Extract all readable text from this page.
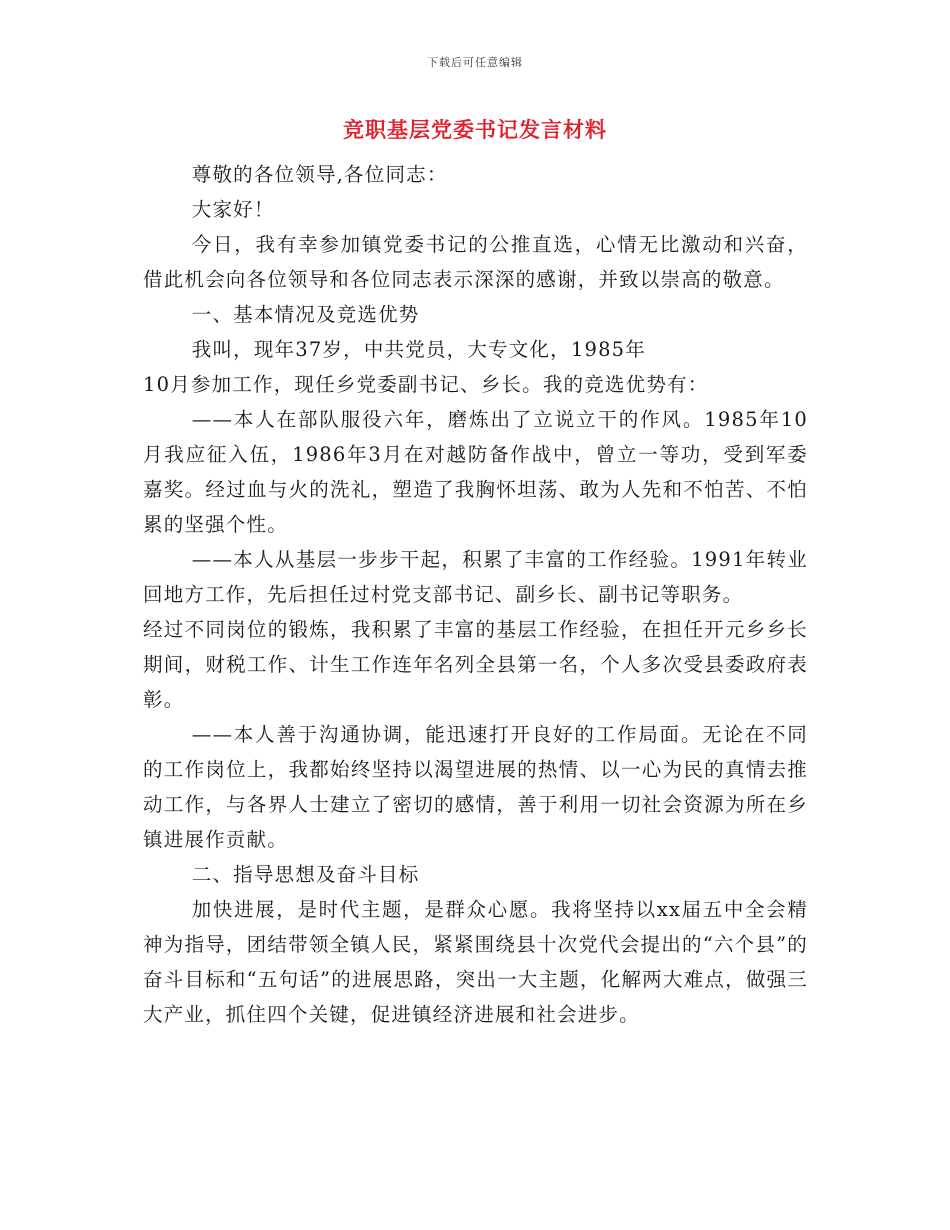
下载后可任意编辑
竞职基层党委书记发言材料

尊敬的各位领导,各位同志：

大家好！

今日，我有幸参加镇党委书记的公推直选，心情无比激动和兴奋，借此机会向各位领导和各位同志表示深深的感谢，并致以崇高的敬意。

一、基本情况及竞选优势

我叫，现年37岁，中共党员，大专文化，1985年

10月参加工作，现任乡党委副书记、乡长。我的竞选优势有：

——本人在部队服役六年，磨炼出了立说立干的作风。1985年10月我应征入伍，1986年3月在对越防备作战中，曾立一等功，受到军委嘉奖。经过血与火的洗礼，塑造了我胸怀坦荡、敢为人先和不怕苦、不怕累的坚强个性。

——本人从基层一步步干起，积累了丰富的工作经验。1991年转业回地方工作，先后担任过村党支部书记、副乡长、副书记等职务。

经过不同岗位的锻炼，我积累了丰富的基层工作经验，在担任开元乡乡长期间，财税工作、计生工作连年名列全县第一名，个人多次受县委政府表彰。

——本人善于沟通协调，能迅速打开良好的工作局面。无论在不同的工作岗位上，我都始终坚持以渴望进展的热情、以一心为民的真情去推动工作，与各界人士建立了密切的感情，善于利用一切社会资源为所在乡镇进展作贡献。

二、指导思想及奋斗目标

加快进展，是时代主题，是群众心愿。我将坚持以xx届五中全会精神为指导，团结带领全镇人民，紧紧围绕县十次党代会提出的“六个县”的奋斗目标和“五句话”的进展思路，突出一大主题，化解两大难点，做强三大产业，抓住四个关键，促进镇经济进展和社会进步。
